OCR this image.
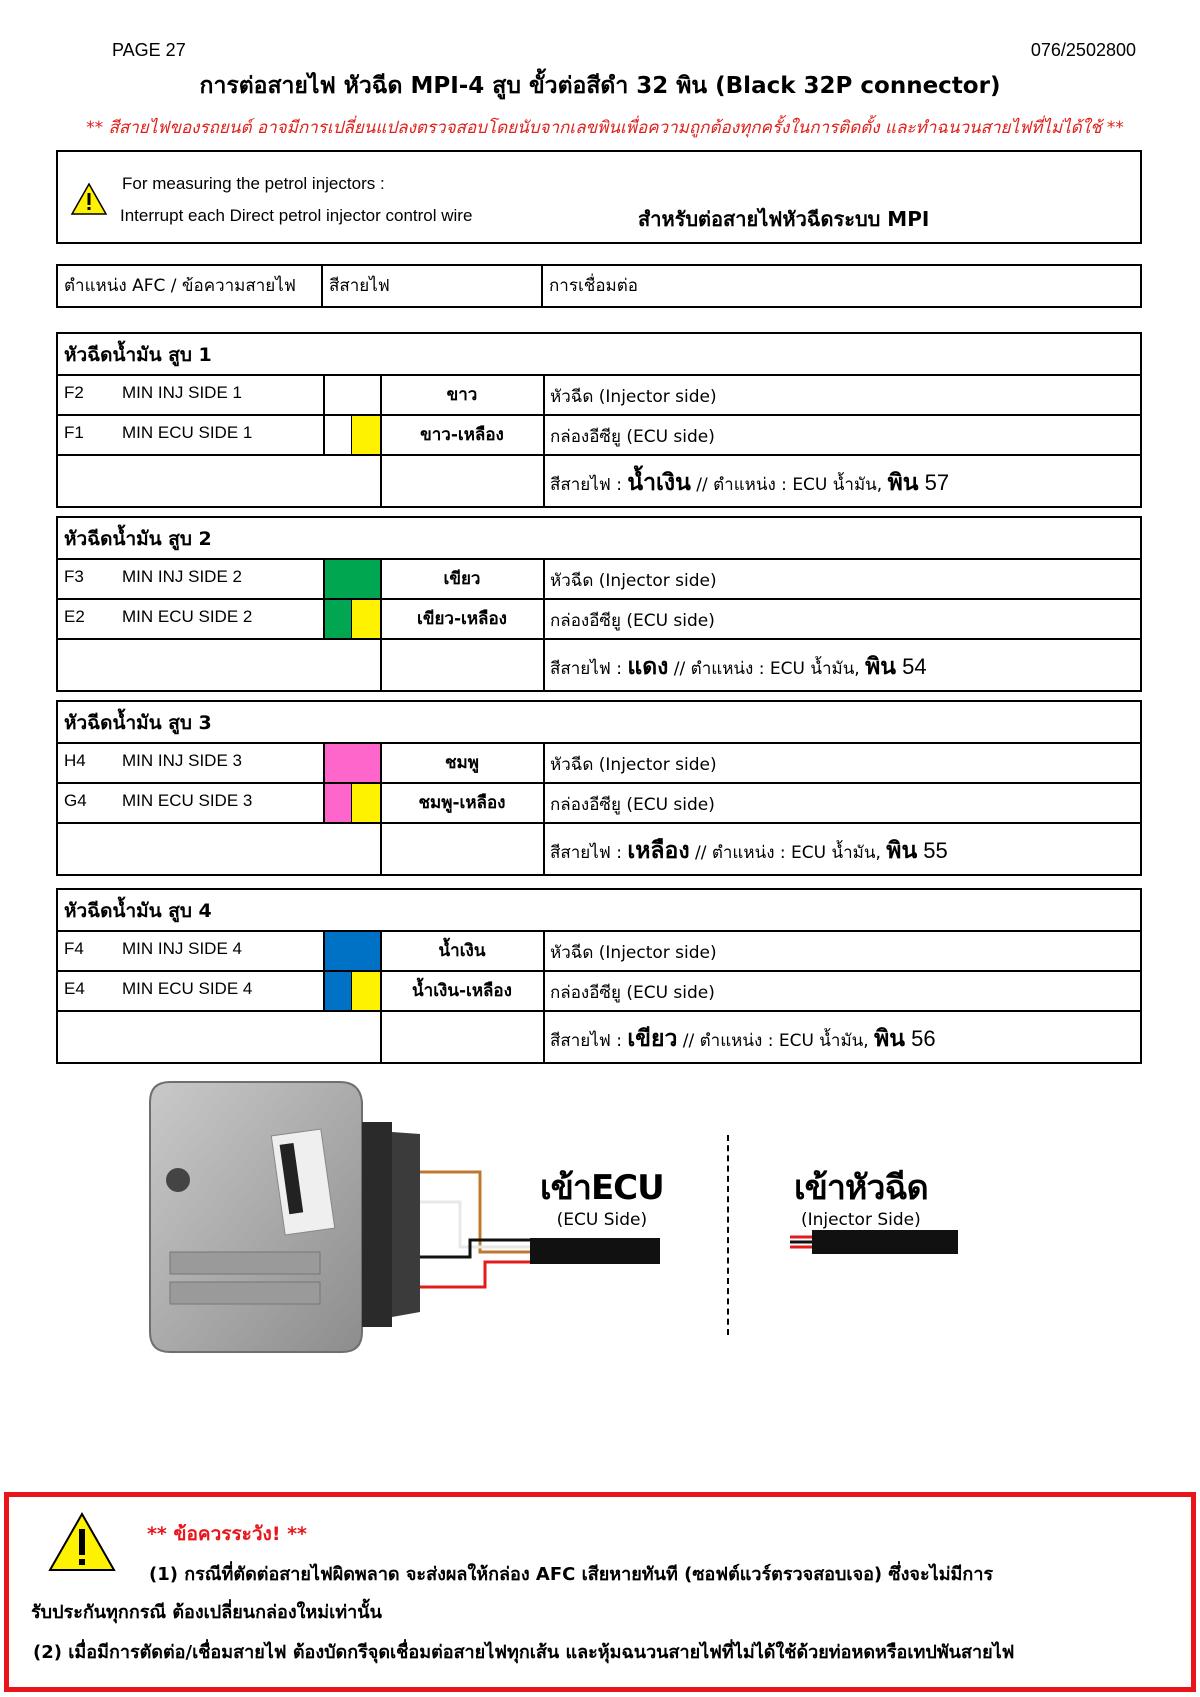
PAGE 27	076/2502800
การต่อสายไฟ หัวฉีด MPI-4 สูบ ขั้วต่อสีดำ 32 พิน (Black 32P connector)
** สีสายไฟของรถยนต์ อาจมีการเปลี่ยนแปลงตรวจสอบโดยนับจากเลขพินเพื่อความถูกต้องทุกครั้งในการติดตั้ง และทำฉนวนสายไฟที่ไม่ได้ใช้ **
For measuring the petrol injectors :
Interrupt each Direct petrol injector control wire	สำหรับต่อสายไฟหัวฉีดระบบ MPI
ตำแหน่ง AFC / ข้อความสายไฟ	สีสายไฟ	การเชื่อมต่อ
หัวฉีดน้ำมัน สูบ 1
F2 MIN INJ SIDE 1	ขาว	หัวฉีด (Injector side)
F1 MIN ECU SIDE 1	ขาว-เหลือง	กล่องอีซียู (ECU side)
สีสายไฟ : น้ำเงิน // ตำแหน่ง : ECU น้ำมัน, พิน 57
หัวฉีดน้ำมัน สูบ 2
F3 MIN INJ SIDE 2	เขียว	หัวฉีด (Injector side)
E2 MIN ECU SIDE 2	เขียว-เหลือง	กล่องอีซียู (ECU side)
สีสายไฟ : แดง // ตำแหน่ง : ECU น้ำมัน, พิน 54
หัวฉีดน้ำมัน สูบ 3
H4 MIN INJ SIDE 3	ชมพู	หัวฉีด (Injector side)
G4 MIN ECU SIDE 3	ชมพู-เหลือง	กล่องอีซียู (ECU side)
สีสายไฟ : เหลือง // ตำแหน่ง : ECU น้ำมัน, พิน 55
หัวฉีดน้ำมัน สูบ 4
F4 MIN INJ SIDE 4	น้ำเงิน	หัวฉีด (Injector side)
E4 MIN ECU SIDE 4	น้ำเงิน-เหลือง	กล่องอีซียู (ECU side)
สีสายไฟ : เขียว // ตำแหน่ง : ECU น้ำมัน, พิน 56
เข้าECU
(ECU Side)
เข้าหัวฉีด
(Injector Side)
** ข้อควรระวัง! **
(1) กรณีที่ตัดต่อสายไฟผิดพลาด จะส่งผลให้กล่อง AFC เสียหายทันที (ซอฟต์แวร์ตรวจสอบเจอ) ซึ่งจะไม่มีการ
รับประกันทุกกรณี ต้องเปลี่ยนกล่องใหม่เท่านั้น
(2) เมื่อมีการตัดต่อ/เชื่อมสายไฟ ต้องบัดกรีจุดเชื่อมต่อสายไฟทุกเส้น และหุ้มฉนวนสายไฟที่ไม่ได้ใช้ด้วยท่อหดหรือเทปพันสายไฟ
